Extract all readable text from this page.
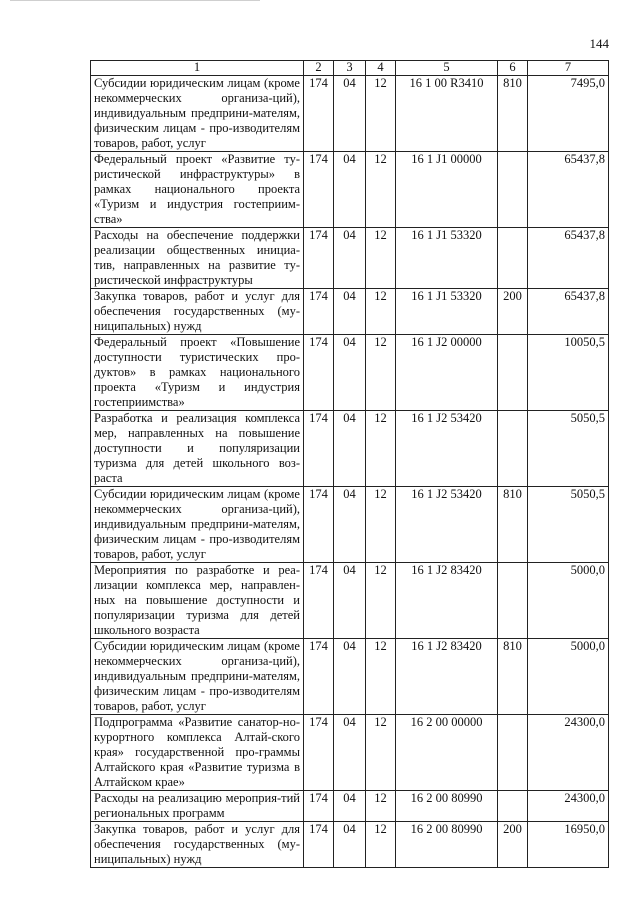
144
1	2	3	4	5	6	7
Субсидии юридическим лицам (кроме некоммерческих организа-ций), индивидуальным предприни-мателям, физическим лицам - про-изводителям товаров, работ, услуг	174	04	12	16 1 00 R3410	810	7495,0
Федеральный проект «Развитие ту-ристической инфраструктуры» в рамках национального проекта «Туризм и индустрия гостеприим-ства»	174	04	12	16 1 J1 00000		65437,8
Расходы на обеспечение поддержки реализации общественных инициа-тив, направленных на развитие ту-ристической инфраструктуры	174	04	12	16 1 J1 53320		65437,8
Закупка товаров, работ и услуг для обеспечения государственных (му-ниципальных) нужд	174	04	12	16 1 J1 53320	200	65437,8
Федеральный проект «Повышение доступности туристических про-дуктов» в рамках национального проекта «Туризм и индустрия гостеприимства»	174	04	12	16 1 J2 00000		10050,5
Разработка и реализация комплекса мер, направленных на повышение доступности и популяризации туризма для детей школьного воз-раста	174	04	12	16 1 J2 53420		5050,5
Субсидии юридическим лицам (кроме некоммерческих организа-ций), индивидуальным предприни-мателям, физическим лицам - про-изводителям товаров, работ, услуг	174	04	12	16 1 J2 53420	810	5050,5
Мероприятия по разработке и реа-лизации комплекса мер, направлен-ных на повышение доступности и популяризации туризма для детей школьного возраста	174	04	12	16 1 J2 83420		5000,0
Субсидии юридическим лицам (кроме некоммерческих организа-ций), индивидуальным предприни-мателям, физическим лицам - про-изводителям товаров, работ, услуг	174	04	12	16 1 J2 83420	810	5000,0
Подпрограмма «Развитие санатор-но-курортного комплекса Алтай-ского края» государственной про-граммы Алтайского края «Развитие туризма в Алтайском крае»	174	04	12	16 2 00 00000		24300,0
Расходы на реализацию мероприя-тий региональных программ	174	04	12	16 2 00 80990		24300,0
Закупка товаров, работ и услуг для обеспечения государственных (му-ниципальных) нужд	174	04	12	16 2 00 80990	200	16950,0
